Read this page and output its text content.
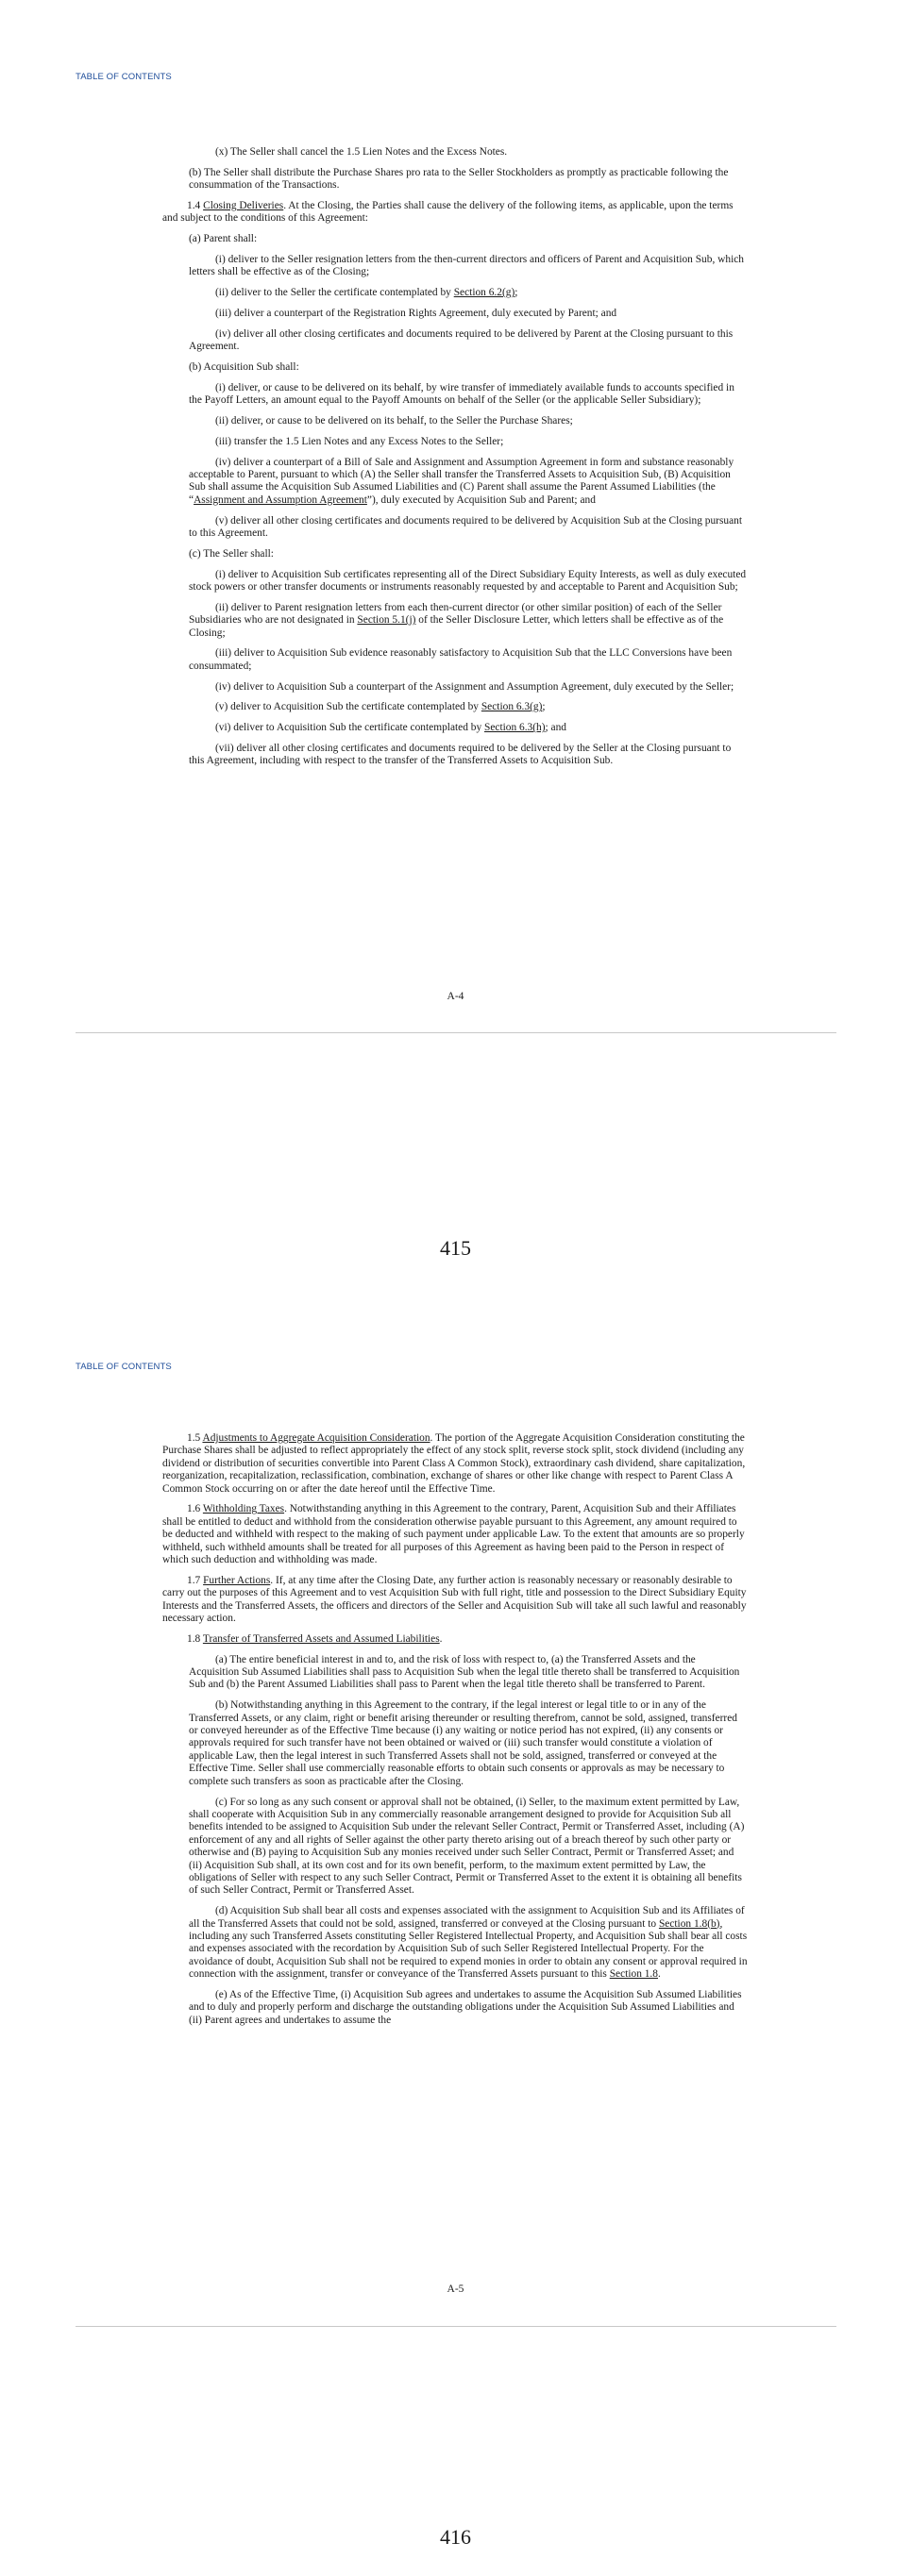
TABLE OF CONTENTS

(x) The Seller shall cancel the 1.5 Lien Notes and the Excess Notes.

(b) The Seller shall distribute the Purchase Shares pro rata to the Seller Stockholders as promptly as practicable following the consummation of the Transactions.

1.4 Closing Deliveries. At the Closing, the Parties shall cause the delivery of the following items, as applicable, upon the terms and subject to the conditions of this Agreement:

(a) Parent shall:

(i) deliver to the Seller resignation letters from the then-current directors and officers of Parent and Acquisition Sub, which letters shall be effective as of the Closing;

(ii) deliver to the Seller the certificate contemplated by Section 6.2(g);

(iii) deliver a counterpart of the Registration Rights Agreement, duly executed by Parent; and

(iv) deliver all other closing certificates and documents required to be delivered by Parent at the Closing pursuant to this Agreement.

(b) Acquisition Sub shall:

(i) deliver, or cause to be delivered on its behalf, by wire transfer of immediately available funds to accounts specified in the Payoff Letters, an amount equal to the Payoff Amounts on behalf of the Seller (or the applicable Seller Subsidiary);

(ii) deliver, or cause to be delivered on its behalf, to the Seller the Purchase Shares;

(iii) transfer the 1.5 Lien Notes and any Excess Notes to the Seller;

(iv) deliver a counterpart of a Bill of Sale and Assignment and Assumption Agreement in form and substance reasonably acceptable to Parent, pursuant to which (A) the Seller shall transfer the Transferred Assets to Acquisition Sub, (B) Acquisition Sub shall assume the Acquisition Sub Assumed Liabilities and (C) Parent shall assume the Parent Assumed Liabilities (the “Assignment and Assumption Agreement”), duly executed by Acquisition Sub and Parent; and

(v) deliver all other closing certificates and documents required to be delivered by Acquisition Sub at the Closing pursuant to this Agreement.

(c) The Seller shall:

(i) deliver to Acquisition Sub certificates representing all of the Direct Subsidiary Equity Interests, as well as duly executed stock powers or other transfer documents or instruments reasonably requested by and acceptable to Parent and Acquisition Sub;

(ii) deliver to Parent resignation letters from each then-current director (or other similar position) of each of the Seller Subsidiaries who are not designated in Section 5.1(j) of the Seller Disclosure Letter, which letters shall be effective as of the Closing;

(iii) deliver to Acquisition Sub evidence reasonably satisfactory to Acquisition Sub that the LLC Conversions have been consummated;

(iv) deliver to Acquisition Sub a counterpart of the Assignment and Assumption Agreement, duly executed by the Seller;

(v) deliver to Acquisition Sub the certificate contemplated by Section 6.3(g);

(vi) deliver to Acquisition Sub the certificate contemplated by Section 6.3(h); and

(vii) deliver all other closing certificates and documents required to be delivered by the Seller at the Closing pursuant to this Agreement, including with respect to the transfer of the Transferred Assets to Acquisition Sub.

A-4
415
TABLE OF CONTENTS

1.5 Adjustments to Aggregate Acquisition Consideration. The portion of the Aggregate Acquisition Consideration constituting the Purchase Shares shall be adjusted to reflect appropriately the effect of any stock split, reverse stock split, stock dividend (including any dividend or distribution of securities convertible into Parent Class A Common Stock), extraordinary cash dividend, share capitalization, reorganization, recapitalization, reclassification, combination, exchange of shares or other like change with respect to Parent Class A Common Stock occurring on or after the date hereof until the Effective Time.

1.6 Withholding Taxes. Notwithstanding anything in this Agreement to the contrary, Parent, Acquisition Sub and their Affiliates shall be entitled to deduct and withhold from the consideration otherwise payable pursuant to this Agreement, any amount required to be deducted and withheld with respect to the making of such payment under applicable Law. To the extent that amounts are so properly withheld, such withheld amounts shall be treated for all purposes of this Agreement as having been paid to the Person in respect of which such deduction and withholding was made.

1.7 Further Actions. If, at any time after the Closing Date, any further action is reasonably necessary or reasonably desirable to carry out the purposes of this Agreement and to vest Acquisition Sub with full right, title and possession to the Direct Subsidiary Equity Interests and the Transferred Assets, the officers and directors of the Seller and Acquisition Sub will take all such lawful and reasonably necessary action.

1.8 Transfer of Transferred Assets and Assumed Liabilities.

(a) The entire beneficial interest in and to, and the risk of loss with respect to, (a) the Transferred Assets and the Acquisition Sub Assumed Liabilities shall pass to Acquisition Sub when the legal title thereto shall be transferred to Acquisition Sub and (b) the Parent Assumed Liabilities shall pass to Parent when the legal title thereto shall be transferred to Parent.

(b) Notwithstanding anything in this Agreement to the contrary, if the legal interest or legal title to or in any of the Transferred Assets, or any claim, right or benefit arising thereunder or resulting therefrom, cannot be sold, assigned, transferred or conveyed hereunder as of the Effective Time because (i) any waiting or notice period has not expired, (ii) any consents or approvals required for such transfer have not been obtained or waived or (iii) such transfer would constitute a violation of applicable Law, then the legal interest in such Transferred Assets shall not be sold, assigned, transferred or conveyed at the Effective Time. Seller shall use commercially reasonable efforts to obtain such consents or approvals as may be necessary to complete such transfers as soon as practicable after the Closing.

(c) For so long as any such consent or approval shall not be obtained, (i) Seller, to the maximum extent permitted by Law, shall cooperate with Acquisition Sub in any commercially reasonable arrangement designed to provide for Acquisition Sub all benefits intended to be assigned to Acquisition Sub under the relevant Seller Contract, Permit or Transferred Asset, including (A) enforcement of any and all rights of Seller against the other party thereto arising out of a breach thereof by such other party or otherwise and (B) paying to Acquisition Sub any monies received under such Seller Contract, Permit or Transferred Asset; and (ii) Acquisition Sub shall, at its own cost and for its own benefit, perform, to the maximum extent permitted by Law, the obligations of Seller with respect to any such Seller Contract, Permit or Transferred Asset to the extent it is obtaining all benefits of such Seller Contract, Permit or Transferred Asset.

(d) Acquisition Sub shall bear all costs and expenses associated with the assignment to Acquisition Sub and its Affiliates of all the Transferred Assets that could not be sold, assigned, transferred or conveyed at the Closing pursuant to Section 1.8(b), including any such Transferred Assets constituting Seller Registered Intellectual Property, and Acquisition Sub shall bear all costs and expenses associated with the recordation by Acquisition Sub of such Seller Registered Intellectual Property. For the avoidance of doubt, Acquisition Sub shall not be required to expend monies in order to obtain any consent or approval required in connection with the assignment, transfer or conveyance of the Transferred Assets pursuant to this Section 1.8.

(e) As of the Effective Time, (i) Acquisition Sub agrees and undertakes to assume the Acquisition Sub Assumed Liabilities and to duly and properly perform and discharge the outstanding obligations under the Acquisition Sub Assumed Liabilities and (ii) Parent agrees and undertakes to assume the

A-5
416
